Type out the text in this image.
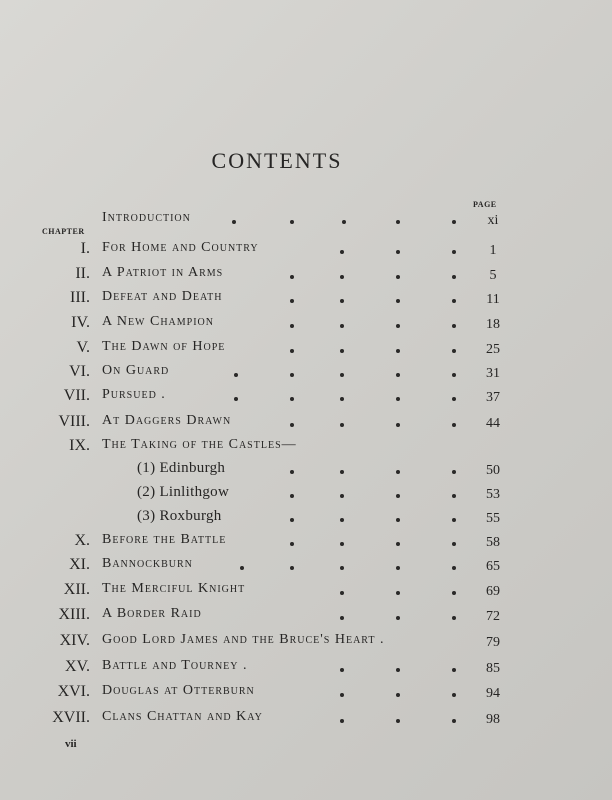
CONTENTS
PAGE
CHAPTER
Introduction	xi
I. For Home and Country	1
II. A Patriot in Arms	5
III. Defeat and Death	11
IV. A New Champion	18
V. The Dawn of Hope	25
VI. On Guard	31
VII. Pursued .	37
VIII. At Daggers Drawn	44
IX. The Taking of the Castles—
(1) Edinburgh	50
(2) Linlithgow	53
(3) Roxburgh	55
X. Before the Battle	58
XI. Bannockburn	65
XII. The Merciful Knight	69
XIII. A Border Raid	72
XIV. Good Lord James and the Bruce's Heart .	79
XV. Battle and Tourney .	85
XVI. Douglas at Otterburn	94
XVII. Clans Chattan and Kay	98
vii
